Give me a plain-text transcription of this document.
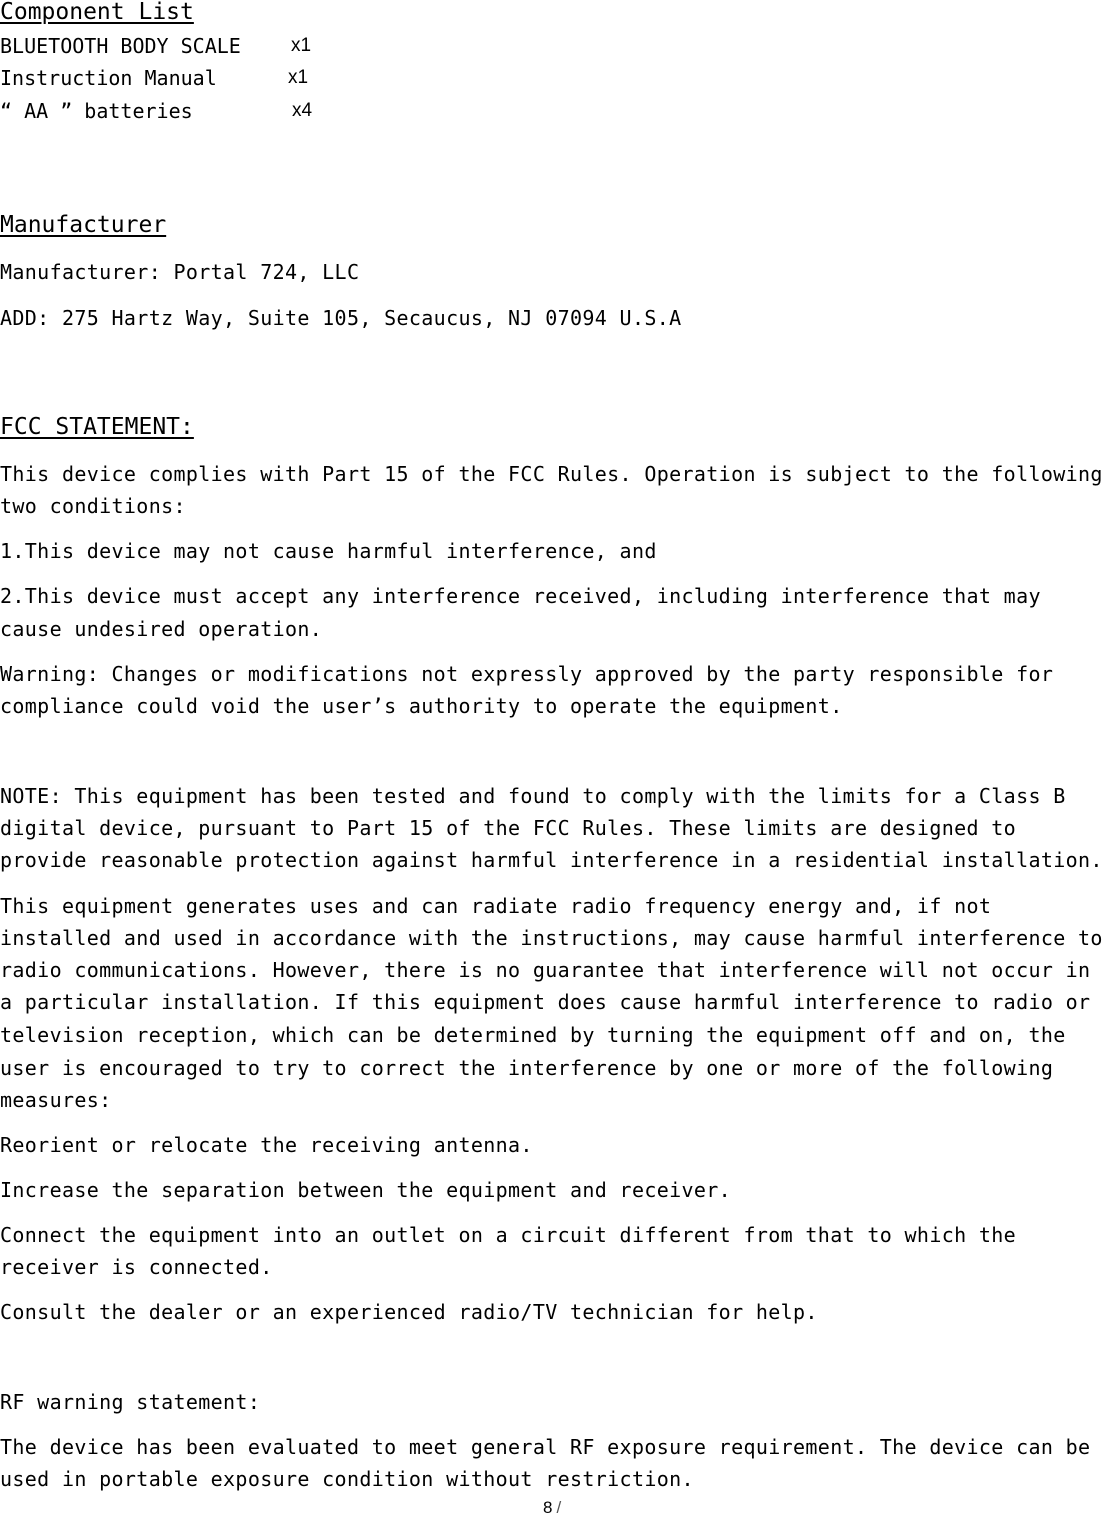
Component List
BLUETOOTH BODY SCALE	x1
Instruction Manual	x1
“ AA ” batteries	x4
Manufacturer
Manufacturer: Portal 724, LLC
ADD: 275 Hartz Way, Suite 105, Secaucus, NJ 07094 U.S.A
FCC STATEMENT:
This device complies with Part 15 of the FCC Rules. Operation is subject to the following
two conditions:
1.This device may not cause harmful interference, and
2.This device must accept any interference received, including interference that may
cause undesired operation.
Warning: Changes or modifications not expressly approved by the party responsible for
compliance could void the user’s authority to operate the equipment.
NOTE: This equipment has been tested and found to comply with the limits for a Class B
digital device, pursuant to Part 15 of the FCC Rules. These limits are designed to
provide reasonable protection against harmful interference in a residential installation.
This equipment generates uses and can radiate radio frequency energy and, if not
installed and used in accordance with the instructions, may cause harmful interference to
radio communications. However, there is no guarantee that interference will not occur in
a particular installation. If this equipment does cause harmful interference to radio or
television reception, which can be determined by turning the equipment off and on, the
user is encouraged to try to correct the interference by one or more of the following
measures:
Reorient or relocate the receiving antenna.
Increase the separation between the equipment and receiver.
Connect the equipment into an outlet on a circuit different from that to which the
receiver is connected.
Consult the dealer or an experienced radio/TV technician for help.
RF warning statement:
The device has been evaluated to meet general RF exposure requirement. The device can be
used in portable exposure condition without restriction.
8 /
